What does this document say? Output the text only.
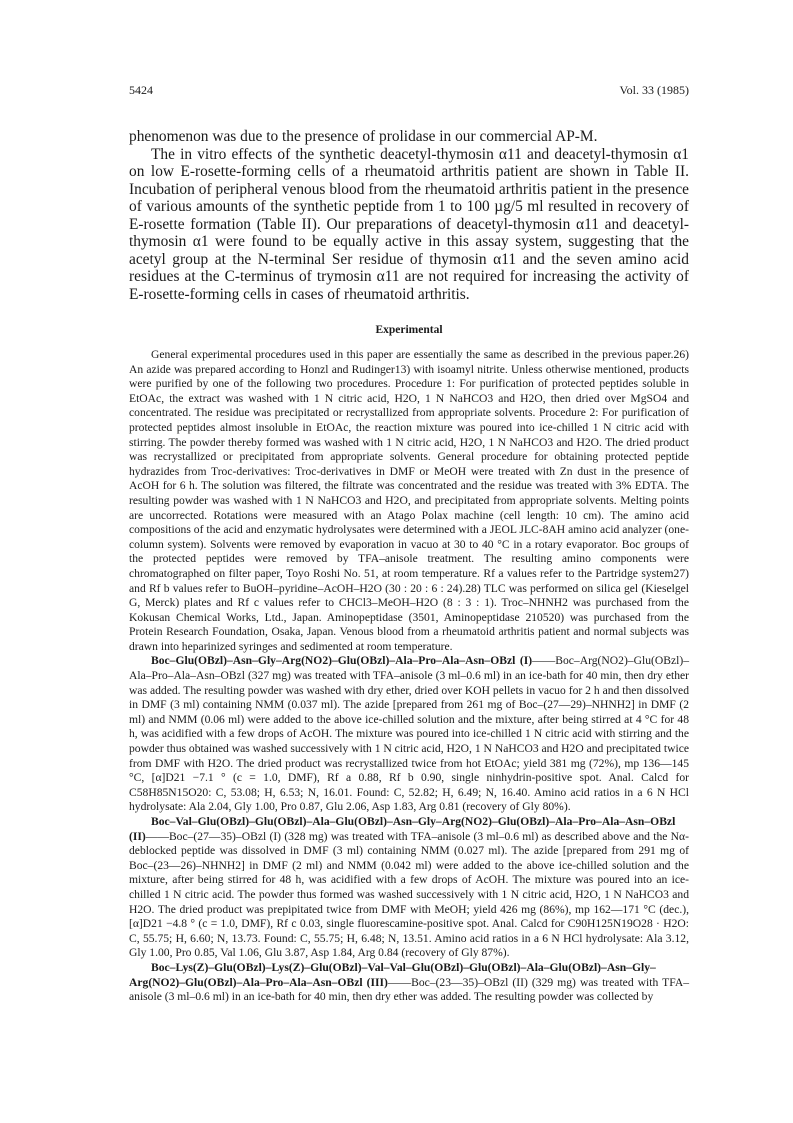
5424	Vol. 33 (1985)

phenomenon was due to the presence of prolidase in our commercial AP-M.

The in vitro effects of the synthetic deacetyl-thymosin α11 and deacetyl-thymosin α1 on low E-rosette-forming cells of a rheumatoid arthritis patient are shown in Table II. Incubation of peripheral venous blood from the rheumatoid arthritis patient in the presence of various amounts of the synthetic peptide from 1 to 100 µg/5 ml resulted in recovery of E-rosette formation (Table II). Our preparations of deacetyl-thymosin α11 and deacetyl-thymosin α1 were found to be equally active in this assay system, suggesting that the acetyl group at the N-terminal Ser residue of thymosin α11 and the seven amino acid residues at the C-terminus of trymosin α11 are not required for increasing the activity of E-rosette-forming cells in cases of rheumatoid arthritis.

Experimental

General experimental procedures used in this paper are essentially the same as described in the previous paper.26) An azide was prepared according to Honzl and Rudinger13) with isoamyl nitrite. Unless otherwise mentioned, products were purified by one of the following two procedures. Procedure 1: For purification of protected peptides soluble in EtOAc, the extract was washed with 1 N citric acid, H2O, 1 N NaHCO3 and H2O, then dried over MgSO4 and concentrated. The residue was precipitated or recrystallized from appropriate solvents. Procedure 2: For purification of protected peptides almost insoluble in EtOAc, the reaction mixture was poured into ice-chilled 1 N citric acid with stirring. The powder thereby formed was washed with 1 N citric acid, H2O, 1 N NaHCO3 and H2O. The dried product was recrystallized or precipitated from appropriate solvents. General procedure for obtaining protected peptide hydrazides from Troc-derivatives: Troc-derivatives in DMF or MeOH were treated with Zn dust in the presence of AcOH for 6 h. The solution was filtered, the filtrate was concentrated and the residue was treated with 3% EDTA. The resulting powder was washed with 1 N NaHCO3 and H2O, and precipitated from appropriate solvents. Melting points are uncorrected. Rotations were measured with an Atago Polax machine (cell length: 10 cm). The amino acid compositions of the acid and enzymatic hydrolysates were determined with a JEOL JLC-8AH amino acid analyzer (one-column system). Solvents were removed by evaporation in vacuo at 30 to 40 °C in a rotary evaporator. Boc groups of the protected peptides were removed by TFA–anisole treatment. The resulting amino components were chromatographed on filter paper, Toyo Roshi No. 51, at room temperature. Rf a values refer to the Partridge system27) and Rf b values refer to BuOH–pyridine–AcOH–H2O (30 : 20 : 6 : 24).28) TLC was performed on silica gel (Kieselgel G, Merck) plates and Rf c values refer to CHCl3–MeOH–H2O (8 : 3 : 1). Troc–NHNH2 was purchased from the Kokusan Chemical Works, Ltd., Japan. Aminopeptidase (3501, Aminopeptidase 210520) was purchased from the Protein Research Foundation, Osaka, Japan. Venous blood from a rheumatoid arthritis patient and normal subjects was drawn into heparinized syringes and sedimented at room temperature.

Boc–Glu(OBzl)–Asn–Gly–Arg(NO2)–Glu(OBzl)–Ala–Pro–Ala–Asn–OBzl (I)——Boc–Arg(NO2)–Glu(OBzl)–Ala–Pro–Ala–Asn–OBzl (327 mg) was treated with TFA–anisole (3 ml–0.6 ml) in an ice-bath for 40 min, then dry ether was added. The resulting powder was washed with dry ether, dried over KOH pellets in vacuo for 2 h and then dissolved in DMF (3 ml) containing NMM (0.037 ml). The azide [prepared from 261 mg of Boc–(27—29)–NHNH2] in DMF (2 ml) and NMM (0.06 ml) were added to the above ice-chilled solution and the mixture, after being stirred at 4 °C for 48 h, was acidified with a few drops of AcOH. The mixture was poured into ice-chilled 1 N citric acid with stirring and the powder thus obtained was washed successively with 1 N citric acid, H2O, 1 N NaHCO3 and H2O and precipitated twice from DMF with H2O. The dried product was recrystallized twice from hot EtOAc; yield 381 mg (72%), mp 136—145 °C, [α]D21 −7.1 ° (c = 1.0, DMF), Rf a 0.88, Rf b 0.90, single ninhydrin-positive spot. Anal. Calcd for C58H85N15O20: C, 53.08; H, 6.53; N, 16.01. Found: C, 52.82; H, 6.49; N, 16.40. Amino acid ratios in a 6 N HCl hydrolysate: Ala 2.04, Gly 1.00, Pro 0.87, Glu 2.06, Asp 1.83, Arg 0.81 (recovery of Gly 80%).

Boc–Val–Glu(OBzl)–Glu(OBzl)–Ala–Glu(OBzl)–Asn–Gly–Arg(NO2)–Glu(OBzl)–Ala–Pro–Ala–Asn–OBzl (II)——Boc–(27—35)–OBzl (I) (328 mg) was treated with TFA–anisole (3 ml–0.6 ml) as described above and the Nα-deblocked peptide was dissolved in DMF (3 ml) containing NMM (0.027 ml). The azide [prepared from 291 mg of Boc–(23—26)–NHNH2] in DMF (2 ml) and NMM (0.042 ml) were added to the above ice-chilled solution and the mixture, after being stirred for 48 h, was acidified with a few drops of AcOH. The mixture was poured into an ice-chilled 1 N citric acid. The powder thus formed was washed successively with 1 N citric acid, H2O, 1 N NaHCO3 and H2O. The dried product was prepipitated twice from DMF with MeOH; yield 426 mg (86%), mp 162—171 °C (dec.), [α]D21 −4.8 ° (c = 1.0, DMF), Rf c 0.03, single fluorescamine-positive spot. Anal. Calcd for C90H125N19O28 · H2O: C, 55.75; H, 6.60; N, 13.73. Found: C, 55.75; H, 6.48; N, 13.51. Amino acid ratios in a 6 N HCl hydrolysate: Ala 3.12, Gly 1.00, Pro 0.85, Val 1.06, Glu 3.87, Asp 1.84, Arg 0.84 (recovery of Gly 87%).

Boc–Lys(Z)–Glu(OBzl)–Lys(Z)–Glu(OBzl)–Val–Val–Glu(OBzl)–Glu(OBzl)–Ala–Glu(OBzl)–Asn–Gly–Arg(NO2)–Glu(OBzl)–Ala–Pro–Ala–Asn–OBzl (III)——Boc–(23—35)–OBzl (II) (329 mg) was treated with TFA–anisole (3 ml–0.6 ml) in an ice-bath for 40 min, then dry ether was added. The resulting powder was collected by
